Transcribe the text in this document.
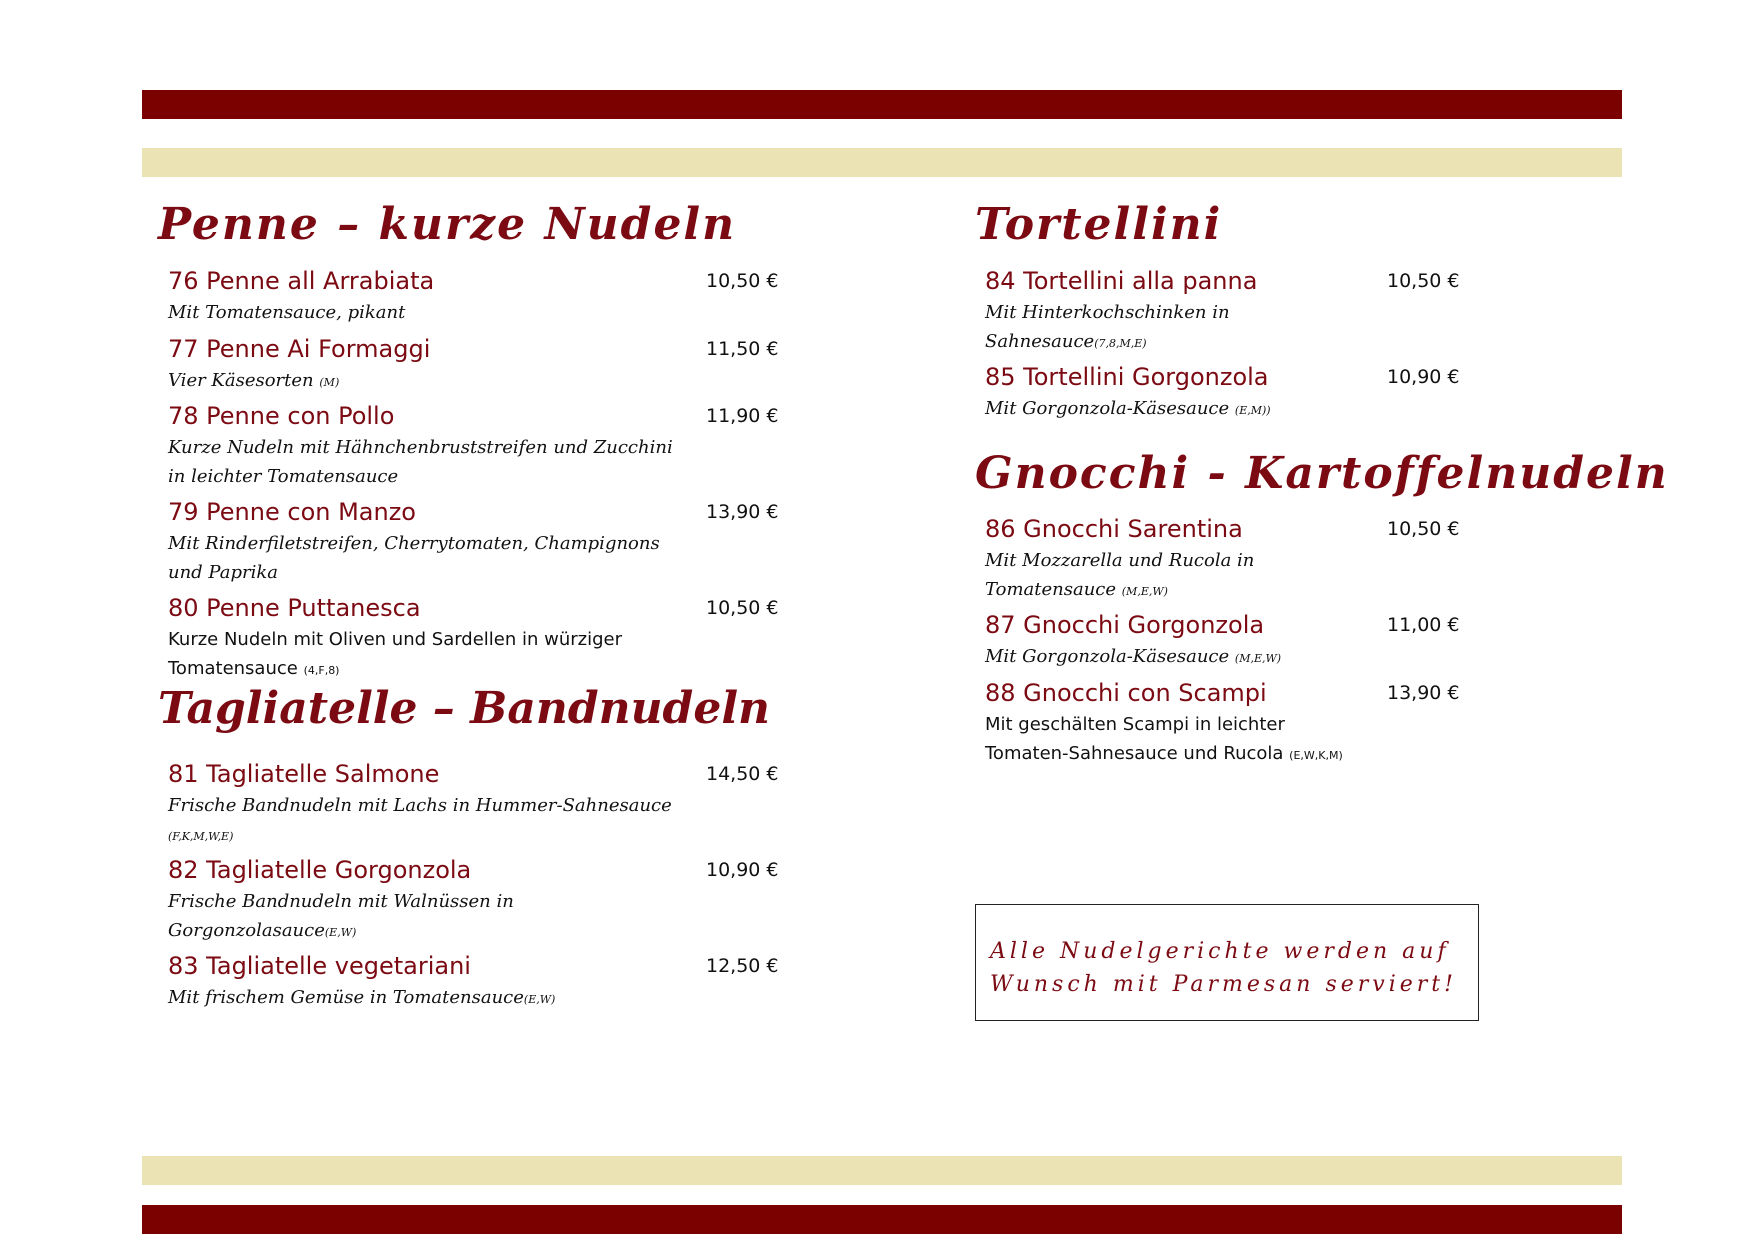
Penne – kurze Nudeln
76 Penne all Arrabiata
Mit Tomatensauce, pikant
10,50 €
77 Penne Ai Formaggi
Vier Käsesorten (M)
11,50 €
78 Penne con Pollo
Kurze Nudeln mit Hähnchenbruststreifen und Zucchini in leichter Tomatensauce
11,90 €
79 Penne con Manzo
Mit Rinderfiletstreifen, Cherrytomaten, Champignons und Paprika
13,90 €
80 Penne Puttanesca
Kurze Nudeln mit Oliven und Sardellen in würziger Tomatensauce (4,F,8)
10,50 €
Tagliatelle – Bandnudeln
81 Tagliatelle Salmone
Frische Bandnudeln mit Lachs in Hummer-Sahnesauce (F,K,M,W,E)
14,50 €
82 Tagliatelle Gorgonzola
Frische Bandnudeln mit Walnüssen in Gorgonzolasauce(E,W)
10,90 €
83 Tagliatelle vegetariani
Mit frischem Gemüse in Tomatensauce(E,W)
12,50 €
Tortellini
84 Tortellini alla panna
Mit Hinterkochschinken in Sahnesauce(7,8,M,E)
10,50 €
85 Tortellini Gorgonzola
Mit Gorgonzola-Käsesauce (E,M))
10,90 €
Gnocchi - Kartoffelnudeln
86 Gnocchi Sarentina
Mit Mozzarella und Rucola in Tomatensauce (M,E,W)
10,50 €
87 Gnocchi Gorgonzola
Mit Gorgonzola-Käsesauce (M,E,W)
11,00 €
88 Gnocchi con Scampi
Mit geschälten Scampi in leichter Tomaten-Sahnesauce und Rucola (E,W,K,M)
13,90 €
Alle Nudelgerichte werden auf
Wunsch mit Parmesan serviert!
